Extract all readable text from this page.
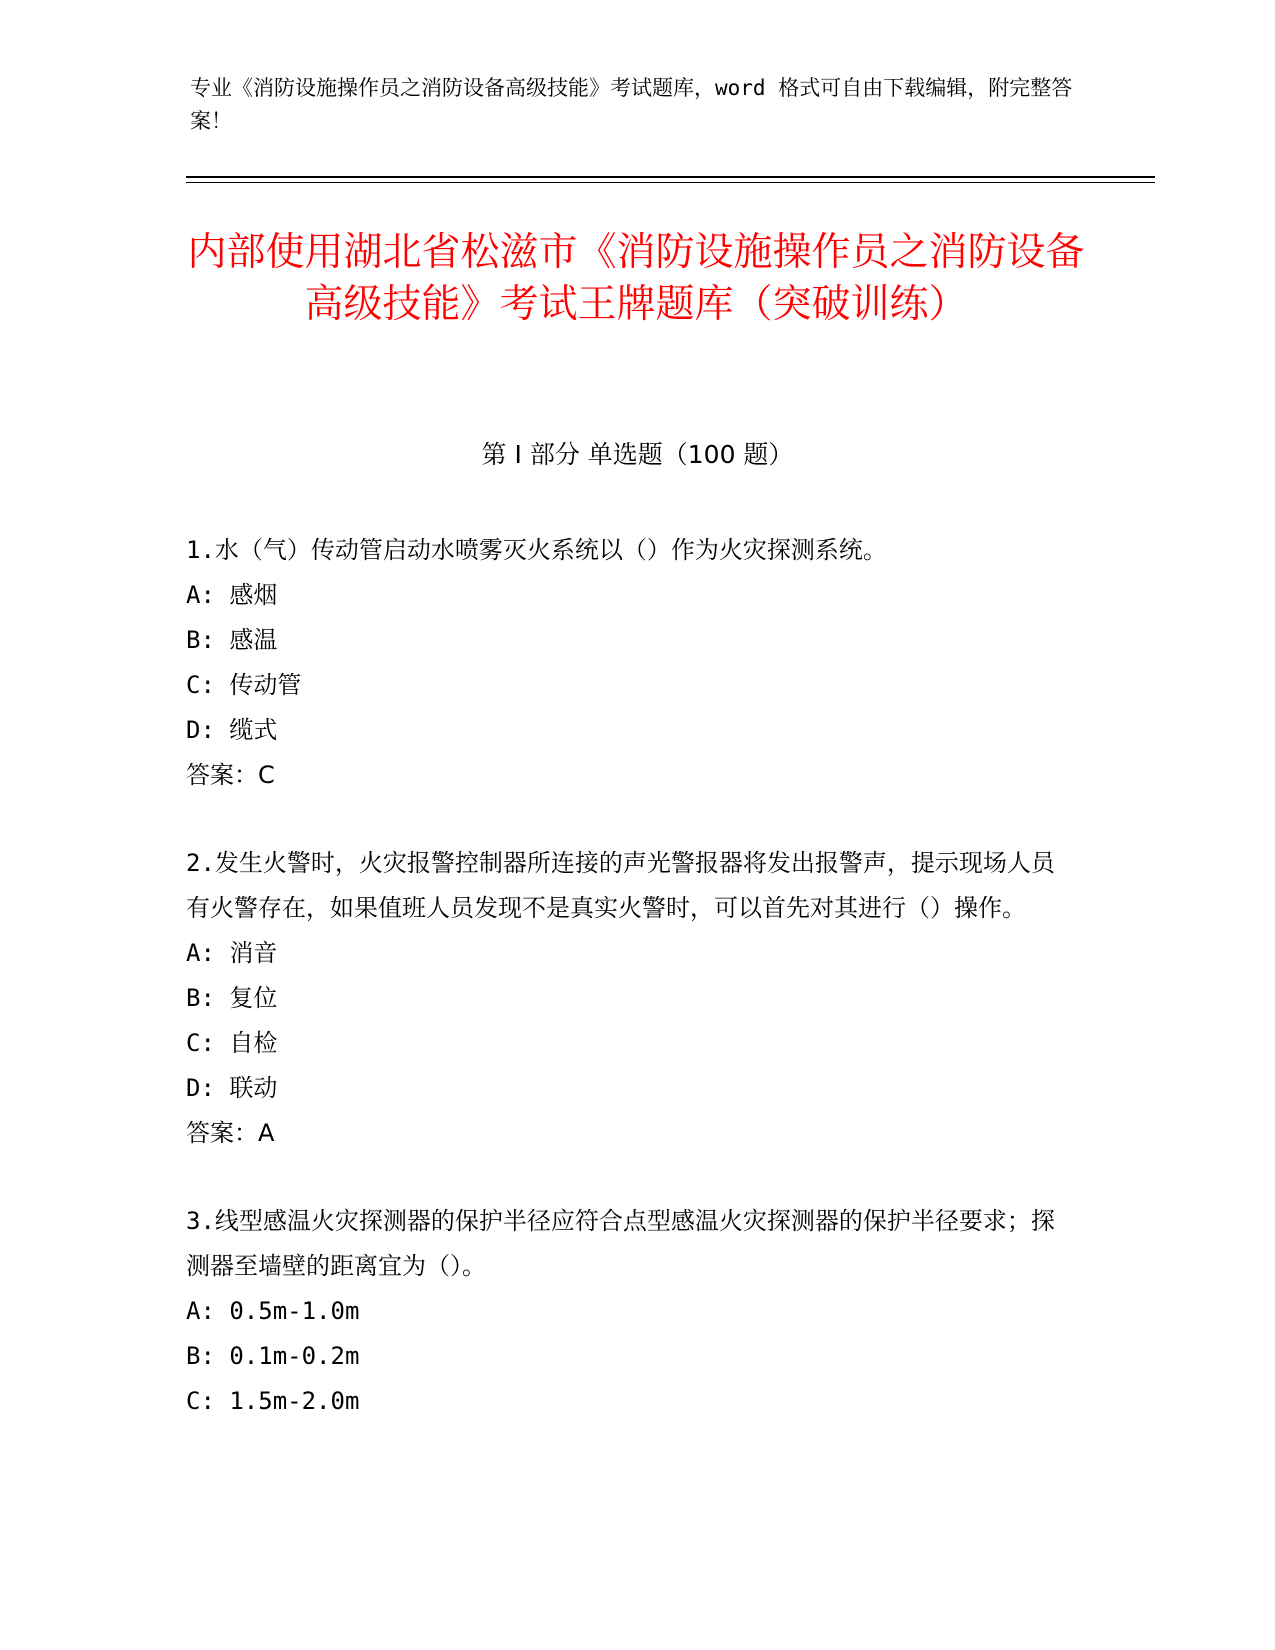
专业《消防设施操作员之消防设备高级技能》考试题库，word 格式可自由下载编辑，附完整答案！
内部使用湖北省松滋市《消防设施操作员之消防设备高级技能》考试王牌题库（突破训练）
第 I 部分 单选题（100 题）
1.水（气）传动管启动水喷雾灭火系统以（）作为火灾探测系统。
A: 感烟
B: 感温
C: 传动管
D: 缆式
答案：C
2.发生火警时，火灾报警控制器所连接的声光警报器将发出报警声，提示现场人员有火警存在，如果值班人员发现不是真实火警时，可以首先对其进行（）操作。
A: 消音
B: 复位
C: 自检
D: 联动
答案：A
3.线型感温火灾探测器的保护半径应符合点型感温火灾探测器的保护半径要求；探测器至墙壁的距离宜为（）。
A: 0.5m-1.0m
B: 0.1m-0.2m
C: 1.5m-2.0m
